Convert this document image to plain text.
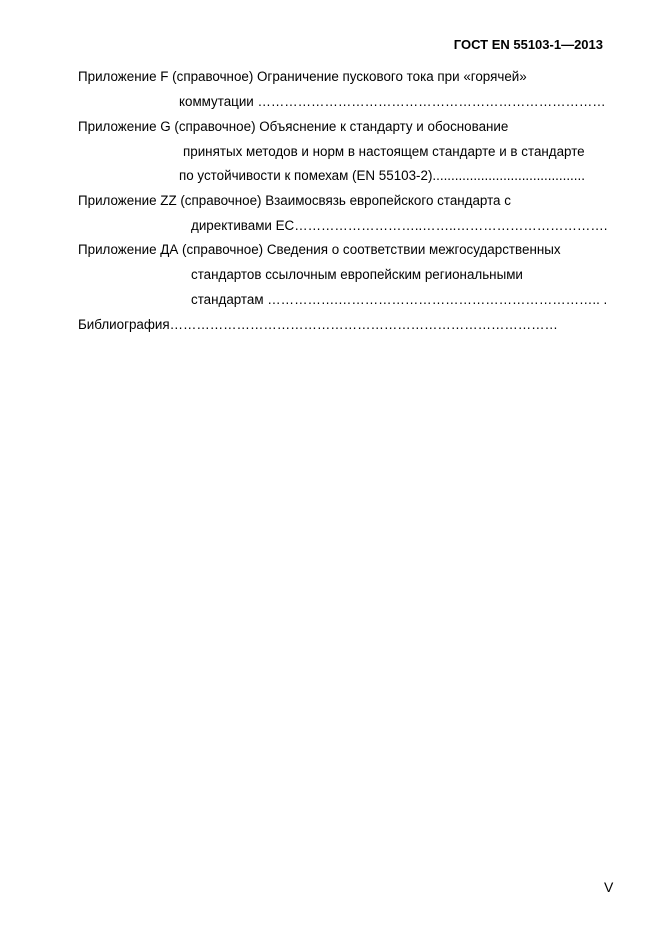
ГОСТ EN 55103-1—2013
Приложение F (справочное) Ограничение пускового тока при «горячей»
коммутации ……………………………………………………………………
Приложение G (справочное) Объяснение к стандарту и обоснование
принятых методов и норм в настоящем стандарте и в стандарте
по устойчивости к помехам (EN 55103-2).........................................
Приложение ZZ (справочное) Взаимосвязь европейского стандарта с
директивами ЕС………………………..……..…………………………….
Приложение ДА (справочное) Сведения о соответствии межгосударственных
стандартов ссылочным европейским региональными
стандартам …………….………………………………………………….. .
Библиография……………………………………………………………………………
V
